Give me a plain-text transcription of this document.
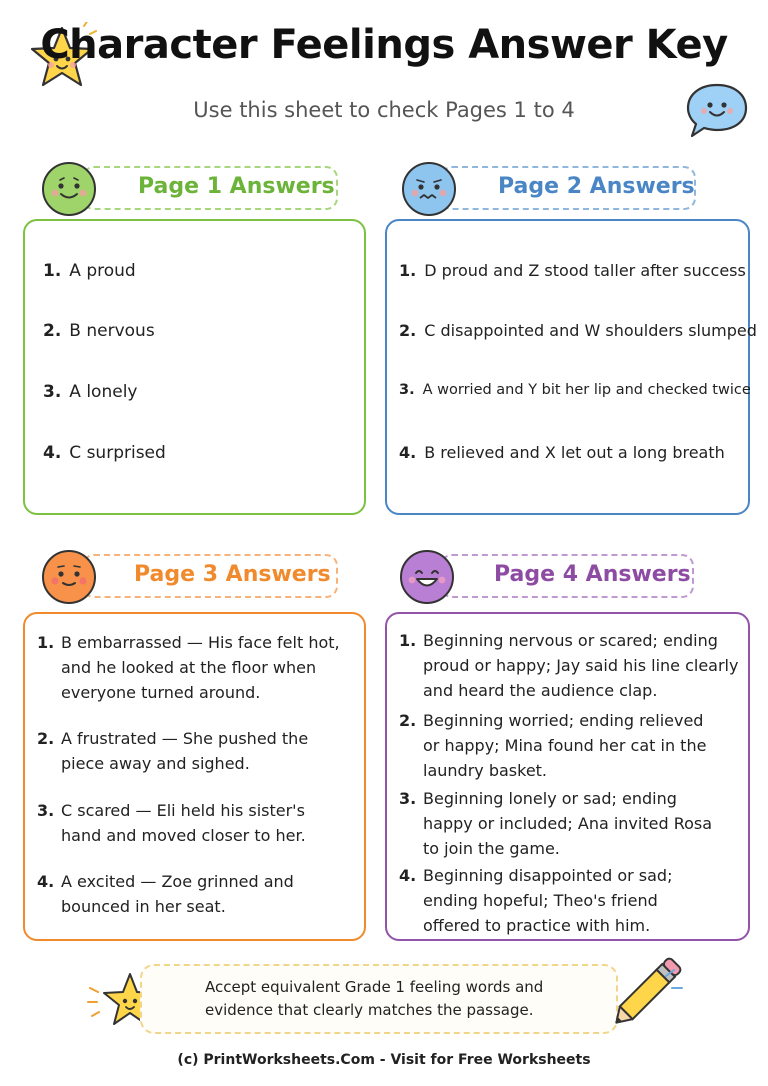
Character Feelings Answer Key
Use this sheet to check Pages 1 to 4
Page 1 Answers
1. A proud
2. B nervous
3. A lonely
4. C surprised
Page 2 Answers
1. D proud and Z stood taller after success
2. C disappointed and W shoulders slumped
3. A worried and Y bit her lip and checked twice
4. B relieved and X let out a long breath
Page 3 Answers
1. B embarrassed — His face felt hot, and he looked at the floor when everyone turned around.
2. A frustrated — She pushed the piece away and sighed.
3. C scared — Eli held his sister's hand and moved closer to her.
4. A excited — Zoe grinned and bounced in her seat.
Page 4 Answers
1. Beginning nervous or scared; ending proud or happy; Jay said his line clearly and heard the audience clap.
2. Beginning worried; ending relieved or happy; Mina found her cat in the laundry basket.
3. Beginning lonely or sad; ending happy or included; Ana invited Rosa to join the game.
4. Beginning disappointed or sad; ending hopeful; Theo's friend offered to practice with him.
Accept equivalent Grade 1 feeling words and evidence that clearly matches the passage.
(c) PrintWorksheets.Com - Visit for Free Worksheets
